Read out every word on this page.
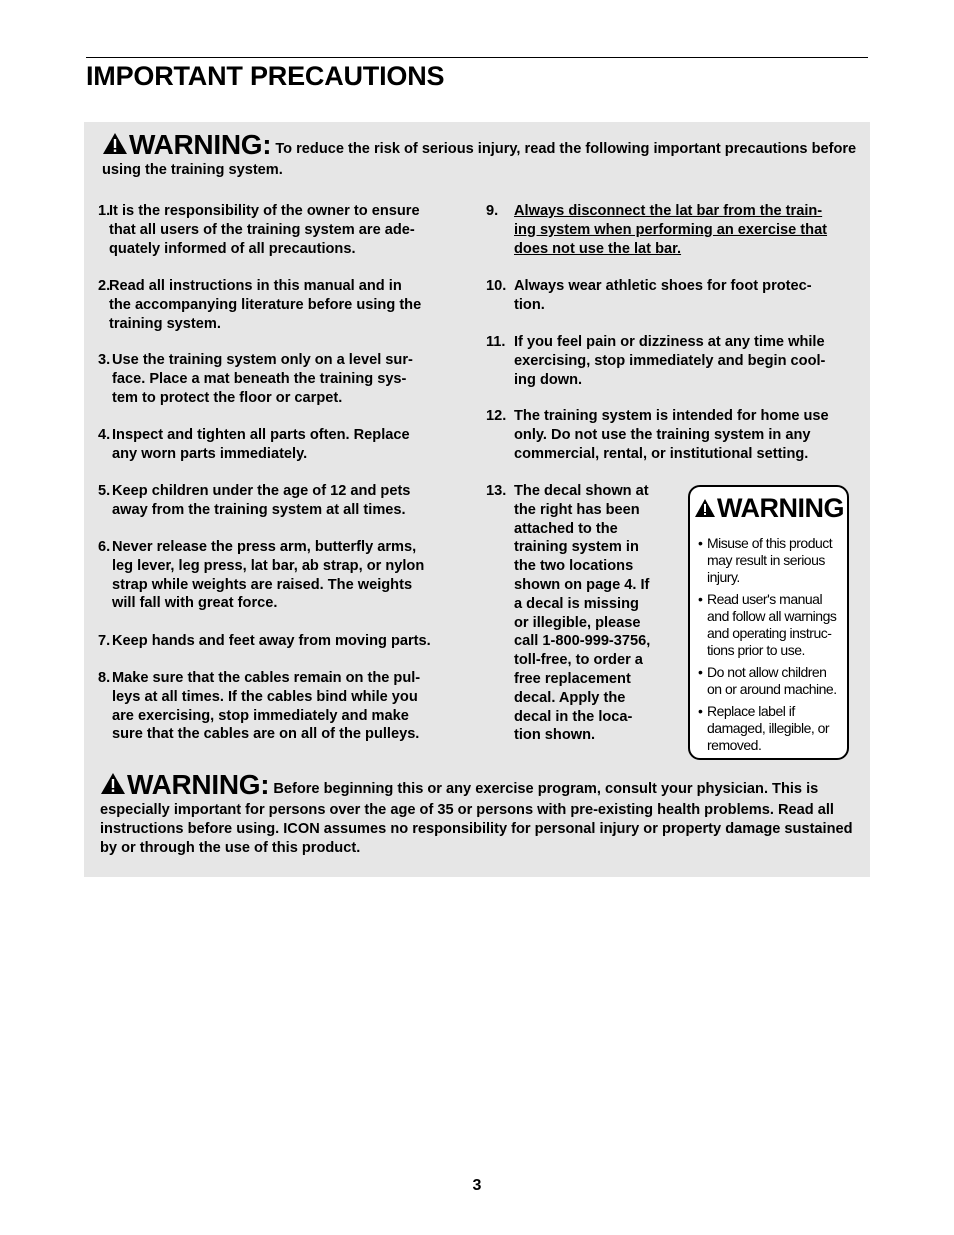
IMPORTANT PRECAUTIONS
WARNING: To reduce the risk of serious injury, read the following important precautions before using the training system.
1.
It is the responsibility of the owner to ensure
that all users of the training system are ade-
quately informed of all precautions.
2.
Read all instructions in this manual and in
the accompanying literature before using the
training system.
3. Use the training system only on a level sur-
face. Place a mat beneath the training sys-
tem to protect the floor or carpet.
4. Inspect and tighten all parts often. Replace
any worn parts immediately.
5. Keep children under the age of 12 and pets
away from the training system at all times.
6. Never release the press arm, butterfly arms,
leg lever, leg press, lat bar, ab strap, or nylon
strap while weights are raised. The weights
will fall with great force.
7. Keep hands and feet away from moving parts.
8. Make sure that the cables remain on the pul-
leys at all times. If the cables bind while you
are exercising, stop immediately and make
sure that the cables are on all of the pulleys.
9. Always disconnect the lat bar from the train-
ing system when performing an exercise that
does not use the lat bar.
10. Always wear athletic shoes for foot protec-
tion.
11. If you feel pain or dizziness at any time while
exercising, stop immediately and begin cool-
ing down.
12. The training system is intended for home use
only. Do not use the training system in any
commercial, rental, or institutional setting.
13. The decal shown at
the right has been
attached to the
training system in
the two locations
shown on page 4. If
a decal is missing
or illegible, please
call 1-800-999-3756,
toll-free, to order a
free replacement
decal. Apply the
decal in the loca-
tion shown.
WARNING
• Misuse of this product
may result in serious
injury.
• Read user's manual
and follow all warnings
and operating instruc-
tions prior to use.
• Do not allow children
on or around machine.
• Replace label if
damaged, illegible, or
removed.
WARNING: Before beginning this or any exercise program, consult your physician. This is especially important for persons over the age of 35 or persons with pre-existing health problems. Read all instructions before using. ICON assumes no responsibility for personal injury or property damage sustained by or through the use of this product.
3
